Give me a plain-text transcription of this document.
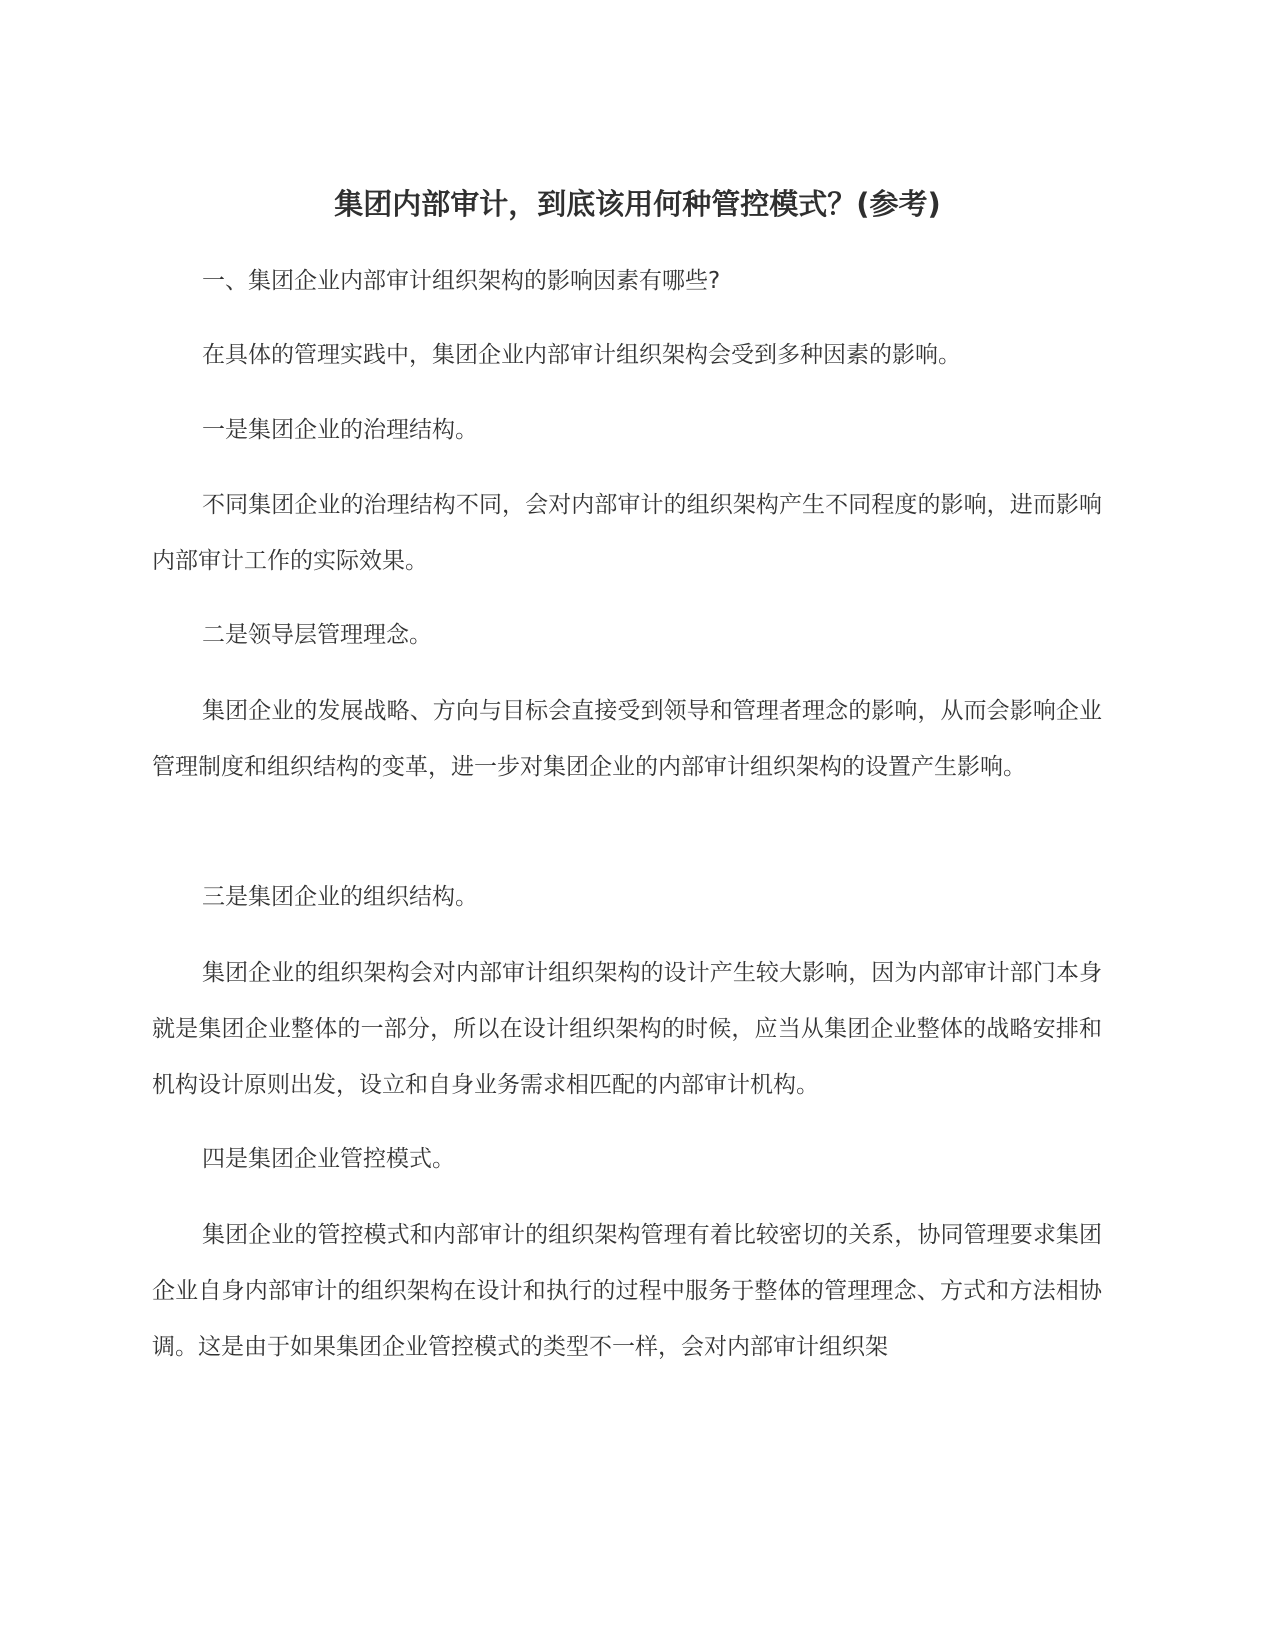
集团内部审计，到底该用何种管控模式？(参考)

一、集团企业内部审计组织架构的影响因素有哪些?

在具体的管理实践中，集团企业内部审计组织架构会受到多种因素的影响。

一是集团企业的治理结构。

不同集团企业的治理结构不同，会对内部审计的组织架构产生不同程度的影响，进而影响内部审计工作的实际效果。

二是领导层管理理念。

集团企业的发展战略、方向与目标会直接受到领导和管理者理念的影响，从而会影响企业管理制度和组织结构的变革，进一步对集团企业的内部审计组织架构的设置产生影响。

三是集团企业的组织结构。

集团企业的组织架构会对内部审计组织架构的设计产生较大影响，因为内部审计部门本身就是集团企业整体的一部分，所以在设计组织架构的时候，应当从集团企业整体的战略安排和机构设计原则出发，设立和自身业务需求相匹配的内部审计机构。

四是集团企业管控模式。

集团企业的管控模式和内部审计的组织架构管理有着比较密切的关系，协同管理要求集团企业自身内部审计的组织架构在设计和执行的过程中服务于整体的管理理念、方式和方法相协调。这是由于如果集团企业管控模式的类型不一样，会对内部审计组织架
